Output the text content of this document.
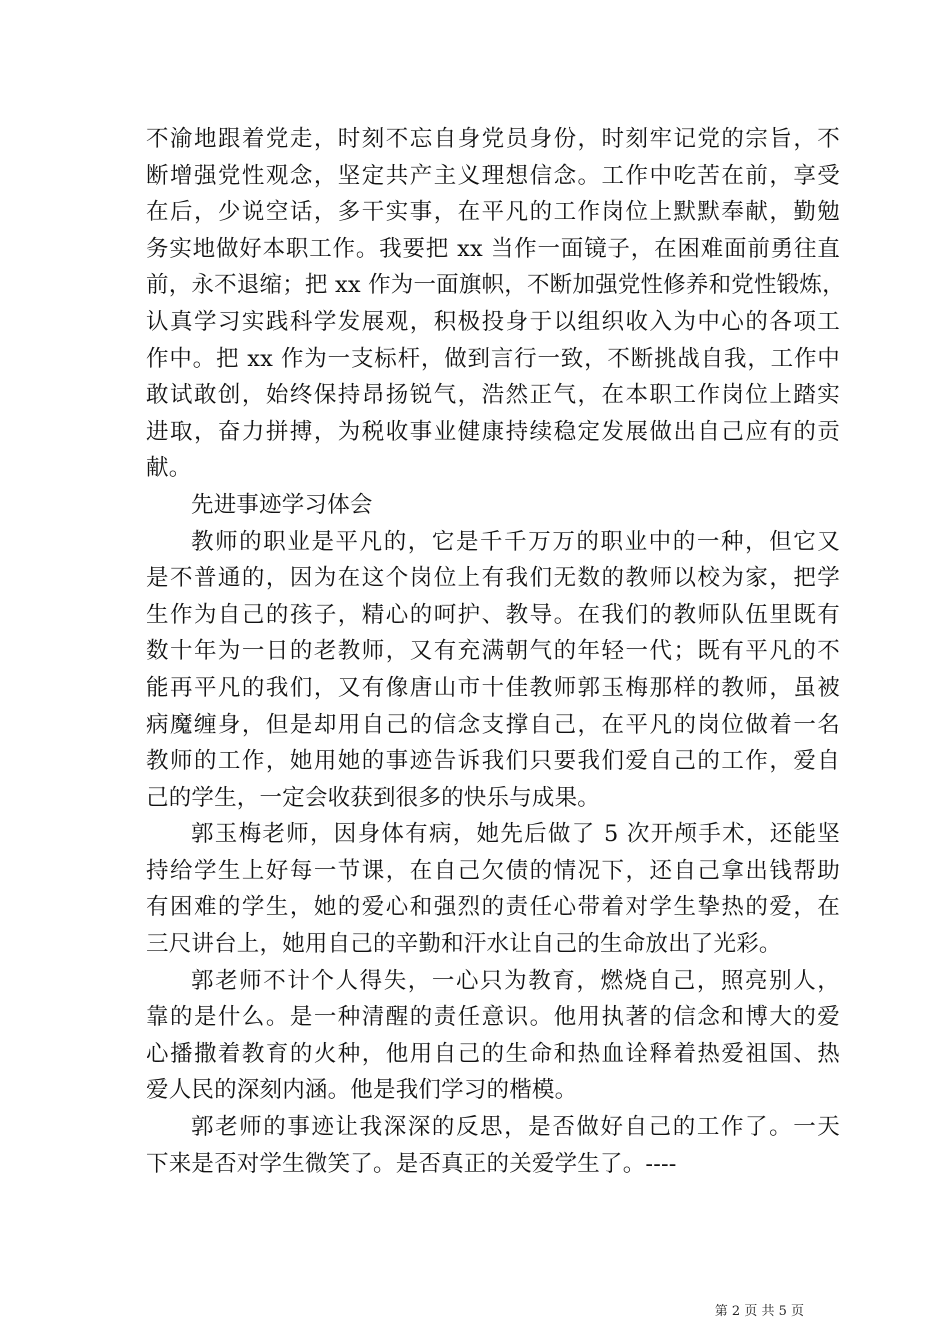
不渝地跟着党走，时刻不忘自身党员身份，时刻牢记党的宗旨，不
断增强党性观念，坚定共产主义理想信念。工作中吃苦在前，享受
在后，少说空话，多干实事，在平凡的工作岗位上默默奉献，勤勉
务实地做好本职工作。我要把 xx 当作一面镜子，在困难面前勇往直
前，永不退缩；把 xx 作为一面旗帜，不断加强党性修养和党性锻炼，
认真学习实践科学发展观，积极投身于以组织收入为中心的各项工
作中。把 xx 作为一支标杆，做到言行一致，不断挑战自我，工作中
敢试敢创，始终保持昂扬锐气，浩然正气，在本职工作岗位上踏实
进取，奋力拼搏，为税收事业健康持续稳定发展做出自己应有的贡
献。

先进事迹学习体会

教师的职业是平凡的，它是千千万万的职业中的一种，但它又
是不普通的，因为在这个岗位上有我们无数的教师以校为家，把学
生作为自己的孩子，精心的呵护、教导。在我们的教师队伍里既有
数十年为一日的老教师，又有充满朝气的年轻一代；既有平凡的不
能再平凡的我们，又有像唐山市十佳教师郭玉梅那样的教师，虽被
病魔缠身，但是却用自己的信念支撑自己，在平凡的岗位做着一名
教师的工作，她用她的事迹告诉我们只要我们爱自己的工作，爱自
己的学生，一定会收获到很多的快乐与成果。

郭玉梅老师，因身体有病，她先后做了 5 次开颅手术，还能坚
持给学生上好每一节课，在自己欠债的情况下，还自己拿出钱帮助
有困难的学生，她的爱心和强烈的责任心带着对学生挚热的爱，在
三尺讲台上，她用自己的辛勤和汗水让自己的生命放出了光彩。

郭老师不计个人得失，一心只为教育，燃烧自己，照亮别人，
靠的是什么。是一种清醒的责任意识。他用执著的信念和博大的爱
心播撒着教育的火种，他用自己的生命和热血诠释着热爱祖国、热
爱人民的深刻内涵。他是我们学习的楷模。

郭老师的事迹让我深深的反思，是否做好自己的工作了。一天
下来是否对学生微笑了。是否真正的关爱学生了。----

第 2 页 共 5 页
